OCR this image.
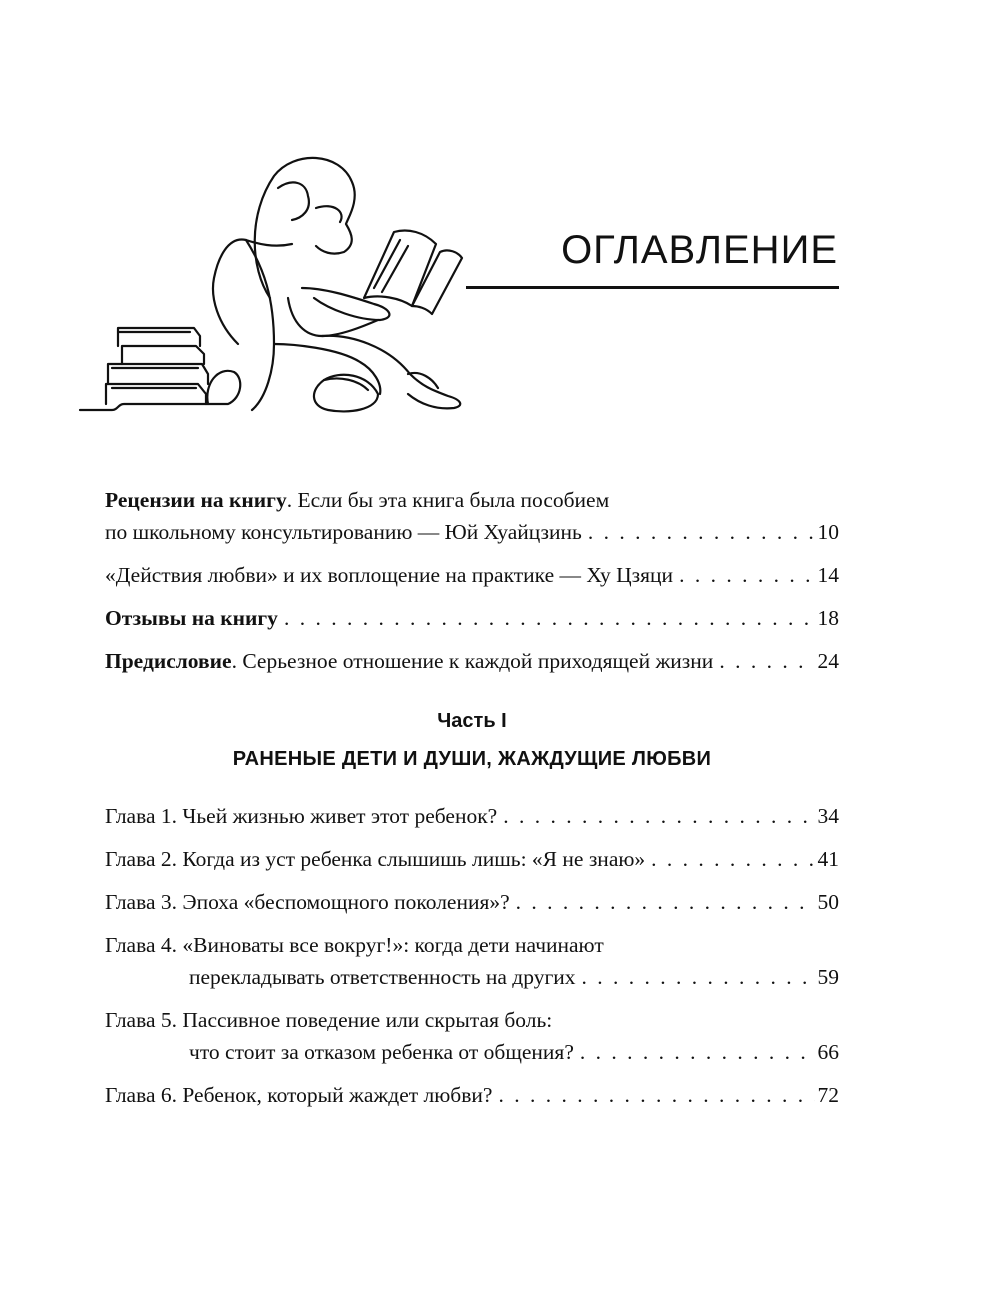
ОГЛАВЛЕНИЕ
Рецензии на книгу. Если бы эта книга была пособием
по школьному консультированию — Юй Хуайцзинь . . .	10
«Действия любви» и их воплощение на практике — Ху Цзяци . . .	14
Отзывы на книгу . . .	18
Предисловие. Серьезное отношение к каждой приходящей жизни . . .	24
Часть I
РАНЕНЫЕ ДЕТИ И ДУШИ, ЖАЖДУЩИЕ ЛЮБВИ
Глава 1. Чьей жизнью живет этот ребенок? . . .	34
Глава 2. Когда из уст ребенка слышишь лишь: «Я не знаю» . . .	41
Глава 3. Эпоха «беспомощного поколения»? . . .	50
Глава 4. «Виноваты все вокруг!»: когда дети начинают
перекладывать ответственность на других . . .	59
Глава 5. Пассивное поведение или скрытая боль:
что стоит за отказом ребенка от общения? . . .	66
Глава 6. Ребенок, который жаждет любви? . . .	72
